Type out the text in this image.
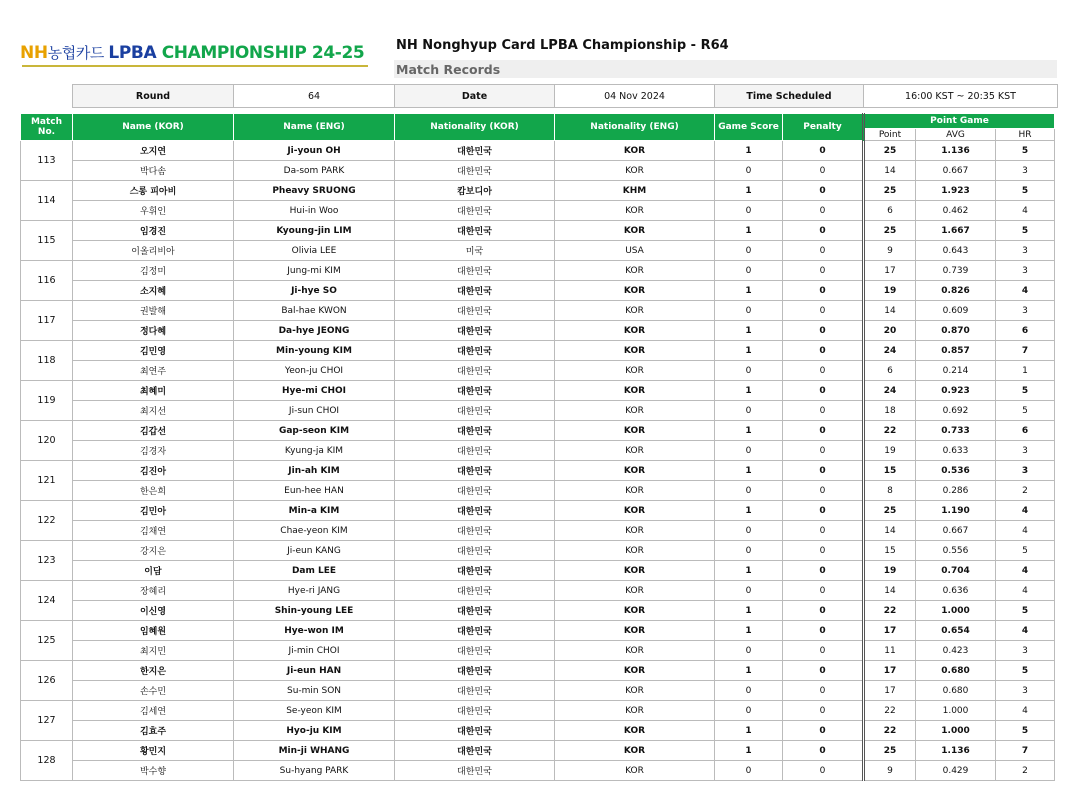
NH농협카드 LPBA CHAMPIONSHIP 24-25 NH Nonghyup Card LPBA Championship - R64
Match Records
Round	64	Date	04 Nov 2024	Time Scheduled	16:00 KST ~ 20:35 KST
Match No.	Name (KOR)	Name (ENG)	Nationality (KOR)	Nationality (ENG)	Game Score	Penalty	Point Game		
							Point	AVG	HR
113	오지연	Ji-youn OH	대한민국	KOR	1	0	25	1.136	5
	박다솜	Da-som PARK	대한민국	KOR	0	0	14	0.667	3
114	스롱 피아비	Pheavy SRUONG	캄보디아	KHM	1	0	25	1.923	5
	우휘인	Hui-in Woo	대한민국	KOR	0	0	6	0.462	4
115	임경진	Kyoung-jin LIM	대한민국	KOR	1	0	25	1.667	5
	이올리비아	Olivia LEE	미국	USA	0	0	9	0.643	3
116	김정미	Jung-mi KIM	대한민국	KOR	0	0	17	0.739	3
	소지혜	Ji-hye SO	대한민국	KOR	1	0	19	0.826	4
117	권발해	Bal-hae KWON	대한민국	KOR	0	0	14	0.609	3
	정다혜	Da-hye JEONG	대한민국	KOR	1	0	20	0.870	6
118	김민영	Min-young KIM	대한민국	KOR	1	0	24	0.857	7
	최연주	Yeon-ju CHOI	대한민국	KOR	0	0	6	0.214	1
119	최혜미	Hye-mi CHOI	대한민국	KOR	1	0	24	0.923	5
	최지선	Ji-sun CHOI	대한민국	KOR	0	0	18	0.692	5
120	김갑선	Gap-seon KIM	대한민국	KOR	1	0	22	0.733	6
	김경자	Kyung-ja KIM	대한민국	KOR	0	0	19	0.633	3
121	김진아	Jin-ah KIM	대한민국	KOR	1	0	15	0.536	3
	한은희	Eun-hee HAN	대한민국	KOR	0	0	8	0.286	2
122	김민아	Min-a KIM	대한민국	KOR	1	0	25	1.190	4
	김채연	Chae-yeon KIM	대한민국	KOR	0	0	14	0.667	4
123	강지은	Ji-eun KANG	대한민국	KOR	0	0	15	0.556	5
	이담	Dam LEE	대한민국	KOR	1	0	19	0.704	4
124	장혜리	Hye-ri JANG	대한민국	KOR	0	0	14	0.636	4
	이신영	Shin-young LEE	대한민국	KOR	1	0	22	1.000	5
125	임혜원	Hye-won IM	대한민국	KOR	1	0	17	0.654	4
	최지민	Ji-min CHOI	대한민국	KOR	0	0	11	0.423	3
126	한지은	Ji-eun HAN	대한민국	KOR	1	0	17	0.680	5
	손수민	Su-min SON	대한민국	KOR	0	0	17	0.680	3
127	김세연	Se-yeon KIM	대한민국	KOR	0	0	22	1.000	4
	김효주	Hyo-ju KIM	대한민국	KOR	1	0	22	1.000	5
128	황민지	Min-ji WHANG	대한민국	KOR	1	0	25	1.136	7
	박수향	Su-hyang PARK	대한민국	KOR	0	0	9	0.429	2
